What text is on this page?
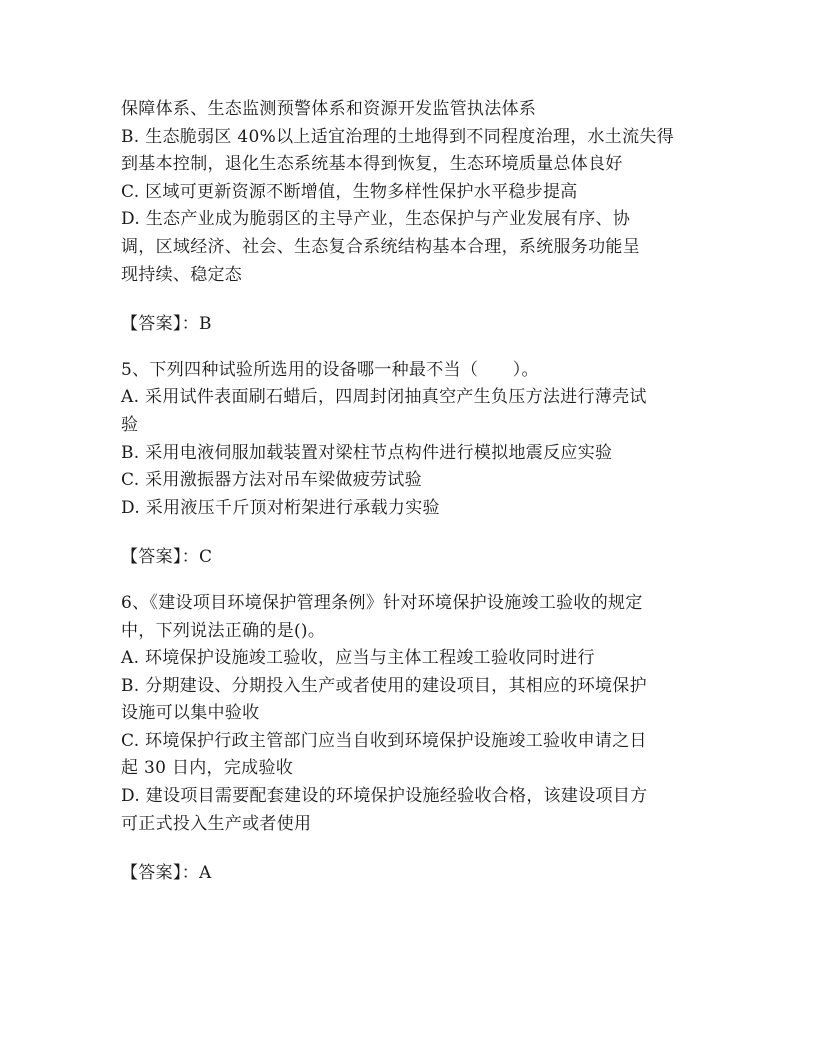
保障体系、生态监测预警体系和资源开发监管执法体系
B. 生态脆弱区 40%以上适宜治理的土地得到不同程度治理，水土流失得
到基本控制，退化生态系统基本得到恢复，生态环境质量总体良好
C. 区域可更新资源不断增值，生物多样性保护水平稳步提高
D. 生态产业成为脆弱区的主导产业，生态保护与产业发展有序、协
调，区域经济、社会、生态复合系统结构基本合理，系统服务功能呈
现持续、稳定态
【答案】：B
5、下列四种试验所选用的设备哪一种最不当（　　）。
A. 采用试件表面刷石蜡后，四周封闭抽真空产生负压方法进行薄壳试
验
B. 采用电液伺服加载装置对梁柱节点构件进行模拟地震反应实验
C. 采用激振器方法对吊车梁做疲劳试验
D. 采用液压千斤顶对桁架进行承载力实验
【答案】：C
6、《建设项目环境保护管理条例》针对环境保护设施竣工验收的规定
中，下列说法正确的是()。
A. 环境保护设施竣工验收，应当与主体工程竣工验收同时进行
B. 分期建设、分期投入生产或者使用的建设项目，其相应的环境保护
设施可以集中验收
C. 环境保护行政主管部门应当自收到环境保护设施竣工验收申请之日
起 30 日内，完成验收
D. 建设项目需要配套建设的环境保护设施经验收合格，该建设项目方
可正式投入生产或者使用
【答案】：A
